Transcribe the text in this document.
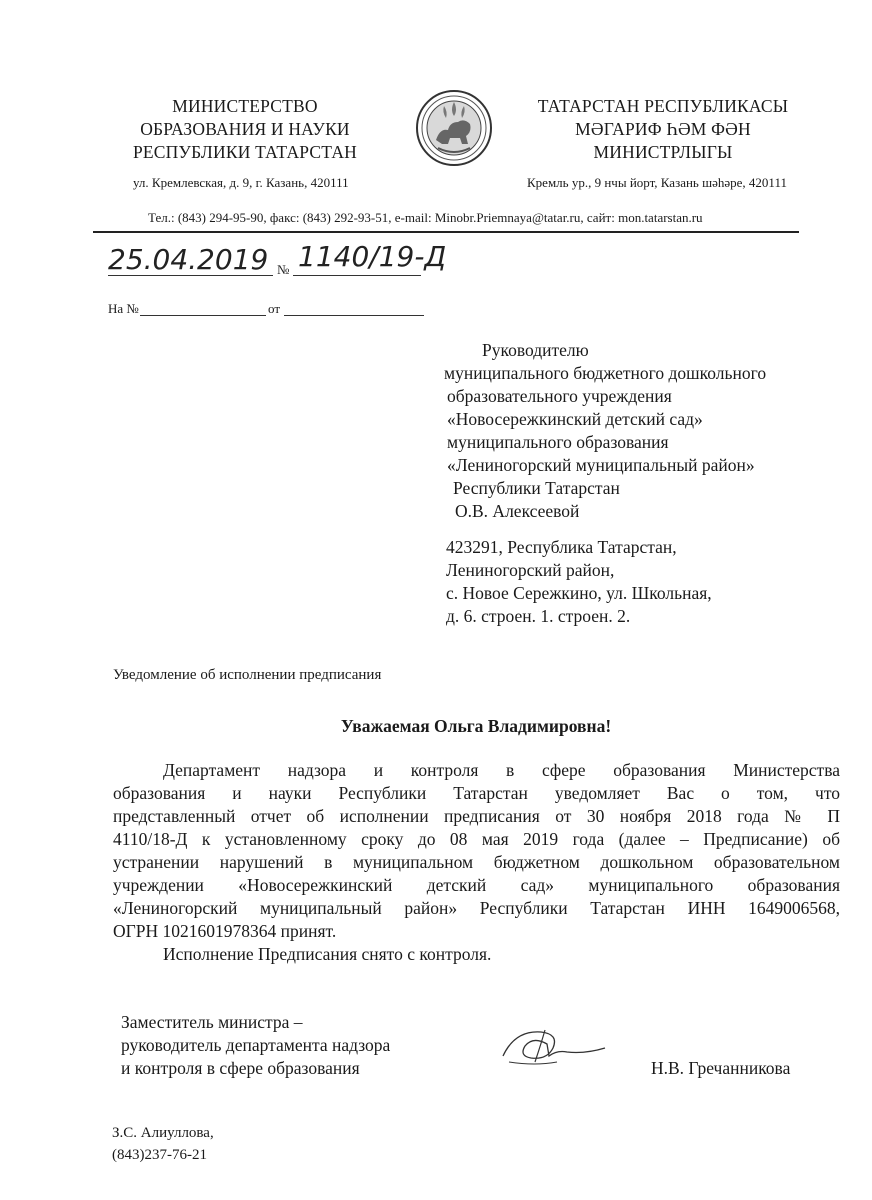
МИНИСТЕРСТВО
ОБРАЗОВАНИЯ И НАУКИ
РЕСПУБЛИКИ ТАТАРСТАН
ТАТАРСТАН РЕСПУБЛИКАСЫ
МӘГАРИФ ҺӘМ ФӘН
МИНИСТРЛЫГЫ
ул. Кремлевская, д. 9, г. Казань, 420111	Кремль ур., 9 нчы йорт, Казань шәһәре, 420111
Тел.: (843) 294-95-90, факс: (843) 292-93-51, e-mail: Minobr.Priemnaya@tatar.ru, сайт: mon.tatarstan.ru
25.04.2019 № 1140/19-Д
На №	от
Руководителю
муниципального бюджетного дошкольного
образовательного учреждения
«Новосережкинский детский сад»
муниципального образования
«Лениногорский муниципальный район»
Республики Татарстан
О.В. Алексеевой
423291, Республика Татарстан,
Лениногорский район,
с. Новое Сережкино, ул. Школьная,
д. 6. строен. 1. строен. 2.
Уведомление об исполнении предписания
Уважаемая Ольга Владимировна!
Департамент надзора и контроля в сфере образования Министерства
образования и науки Республики Татарстан уведомляет Вас о том, что
представленный отчет об исполнении предписания от 30 ноября 2018 года № П
4110/18-Д к установленному сроку до 08 мая 2019 года (далее – Предписание) об
устранении нарушений в муниципальном бюджетном дошкольном образовательном
учреждении «Новосережкинский детский сад» муниципального образования
«Лениногорский муниципальный район» Республики Татарстан ИНН 1649006568,
ОГРН 1021601978364 принят.
Исполнение Предписания снято с контроля.
Заместитель министра –
руководитель департамента надзора
и контроля в сфере образования	Н.В. Гречанникова
З.С. Алиуллова,
(843)237-76-21
